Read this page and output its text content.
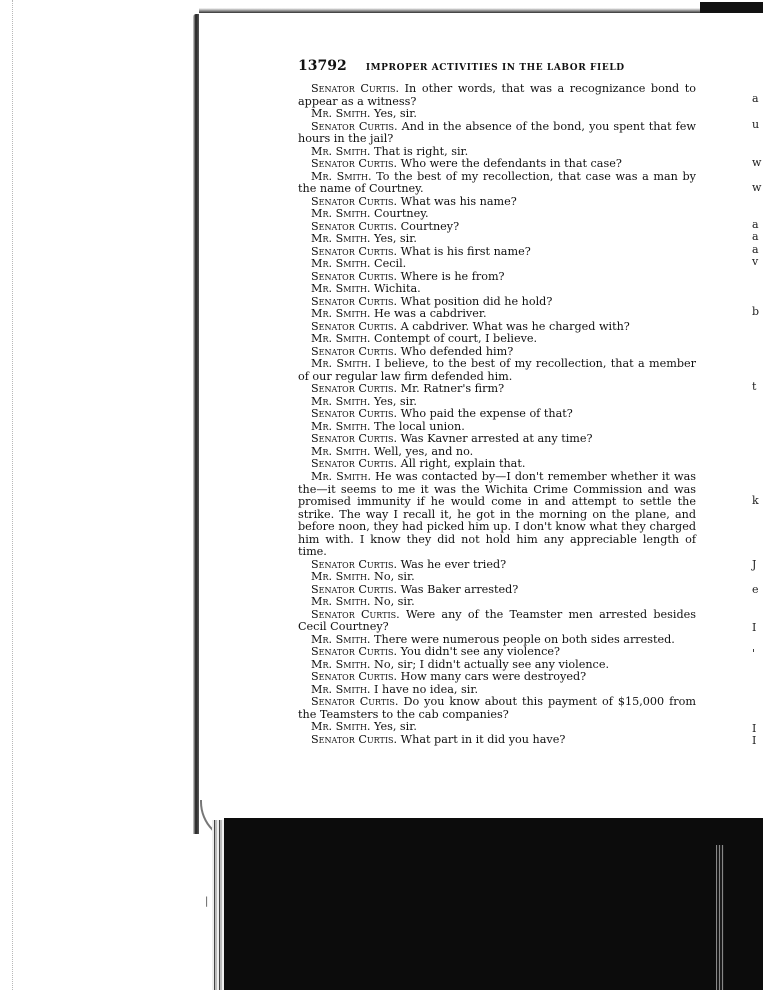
13792 IMPROPER ACTIVITIES IN THE LABOR FIELD

Senator Curtis. In other words, that was a recognizance bond to appear as a witness?

Mr. Smith. Yes, sir.

Senator Curtis. And in the absence of the bond, you spent that few hours in the jail?

Mr. Smith. That is right, sir.

Senator Curtis. Who were the defendants in that case?

Mr. Smith. To the best of my recollection, that case was a man by the name of Courtney.

Senator Curtis. What was his name?

Mr. Smith. Courtney.

Senator Curtis. Courtney?

Mr. Smith. Yes, sir.

Senator Curtis. What is his first name?

Mr. Smith. Cecil.

Senator Curtis. Where is he from?

Mr. Smith. Wichita.

Senator Curtis. What position did he hold?

Mr. Smith. He was a cabdriver.

Senator Curtis. A cabdriver. What was he charged with?

Mr. Smith. Contempt of court, I believe.

Senator Curtis. Who defended him?

Mr. Smith. I believe, to the best of my recollection, that a member of our regular law firm defended him.

Senator Curtis. Mr. Ratner's firm?

Mr. Smith. Yes, sir.

Senator Curtis. Who paid the expense of that?

Mr. Smith. The local union.

Senator Curtis. Was Kavner arrested at any time?

Mr. Smith. Well, yes, and no.

Senator Curtis. All right, explain that.

Mr. Smith. He was contacted by—I don't remember whether it was the—it seems to me it was the Wichita Crime Commission and was promised immunity if he would come in and attempt to settle the strike. The way I recall it, he got in the morning on the plane, and before noon, they had picked him up. I don't know what they charged him with. I know they did not hold him any appreciable length of time.

Senator Curtis. Was he ever tried?

Mr. Smith. No, sir.

Senator Curtis. Was Baker arrested?

Mr. Smith. No, sir.

Senator Curtis. Were any of the Teamster men arrested besides Cecil Courtney?

Mr. Smith. There were numerous people on both sides arrested.

Senator Curtis. You didn't see any violence?

Mr. Smith. No, sir; I didn't actually see any violence.

Senator Curtis. How many cars were destroyed?

Mr. Smith. I have no idea, sir.

Senator Curtis. Do you know about this payment of $15,000 from the Teamsters to the cab companies?

Mr. Smith. Yes, sir.

Senator Curtis. What part in it did you have?

a
u
w
w
a
a
a
v
b
t
k
J
e
I
'
I
I
|
